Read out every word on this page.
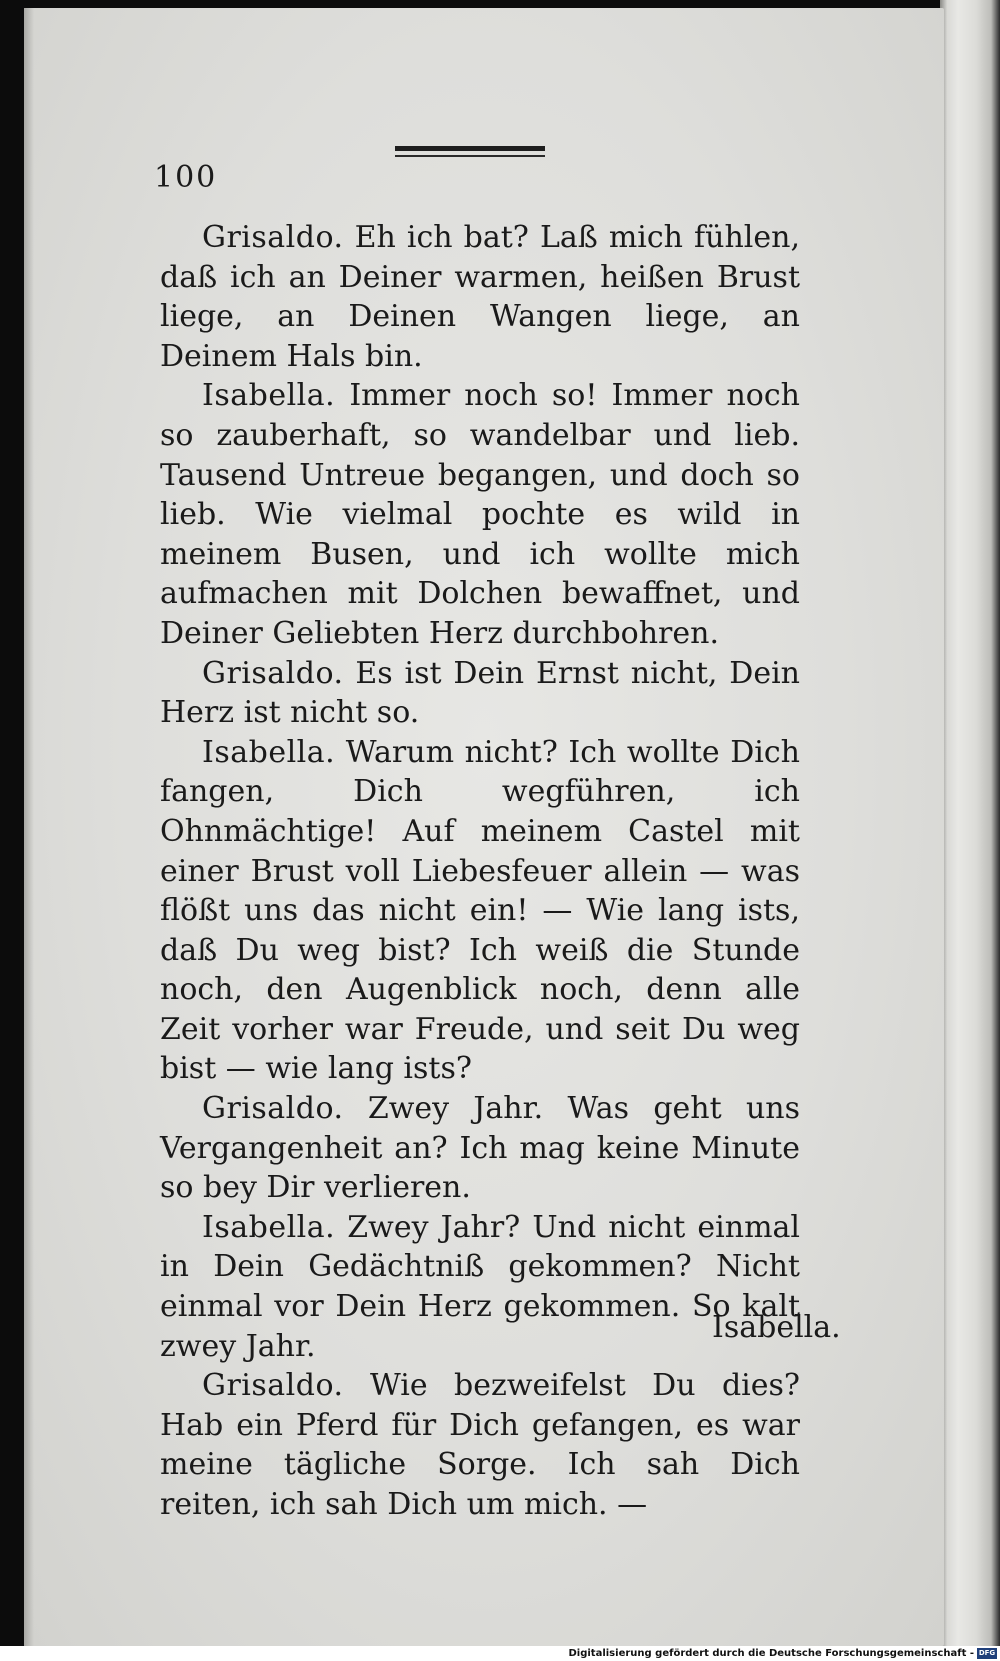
100

Grisaldo. Eh ich bat? Laß mich fühlen, daß ich an Deiner warmen, heißen Brust liege, an Deinen Wangen liege, an Deinem Hals bin.

Isabella. Immer noch so! Immer noch so zauberhaft, so wandelbar und lieb. Tausend Untreue begangen, und doch so lieb. Wie vielmal pochte es wild in meinem Busen, und ich wollte mich aufmachen mit Dolchen bewaffnet, und Deiner Geliebten Herz durchbohren.

Grisaldo. Es ist Dein Ernst nicht, Dein Herz ist nicht so.

Isabella. Warum nicht? Ich wollte Dich fangen, Dich wegführen, ich Ohnmächtige! Auf meinem Castel mit einer Brust voll Liebesfeuer allein — was flößt uns das nicht ein! — Wie lang ists, daß Du weg bist? Ich weiß die Stunde noch, den Augenblick noch, denn alle Zeit vorher war Freude, und seit Du weg bist — wie lang ists?

Grisaldo. Zwey Jahr. Was geht uns Vergangenheit an? Ich mag keine Minute so bey Dir verlieren.

Isabella. Zwey Jahr? Und nicht einmal in Dein Gedächtniß gekommen? Nicht einmal vor Dein Herz gekommen. So kalt zwey Jahr.

Grisaldo. Wie bezweifelst Du dies? Hab ein Pferd für Dich gefangen, es war meine tägliche Sorge. Ich sah Dich reiten, ich sah Dich um mich. —

Isabella.
Digitalisierung gefördert durch die Deutsche Forschungsgemeinschaft - DFG
